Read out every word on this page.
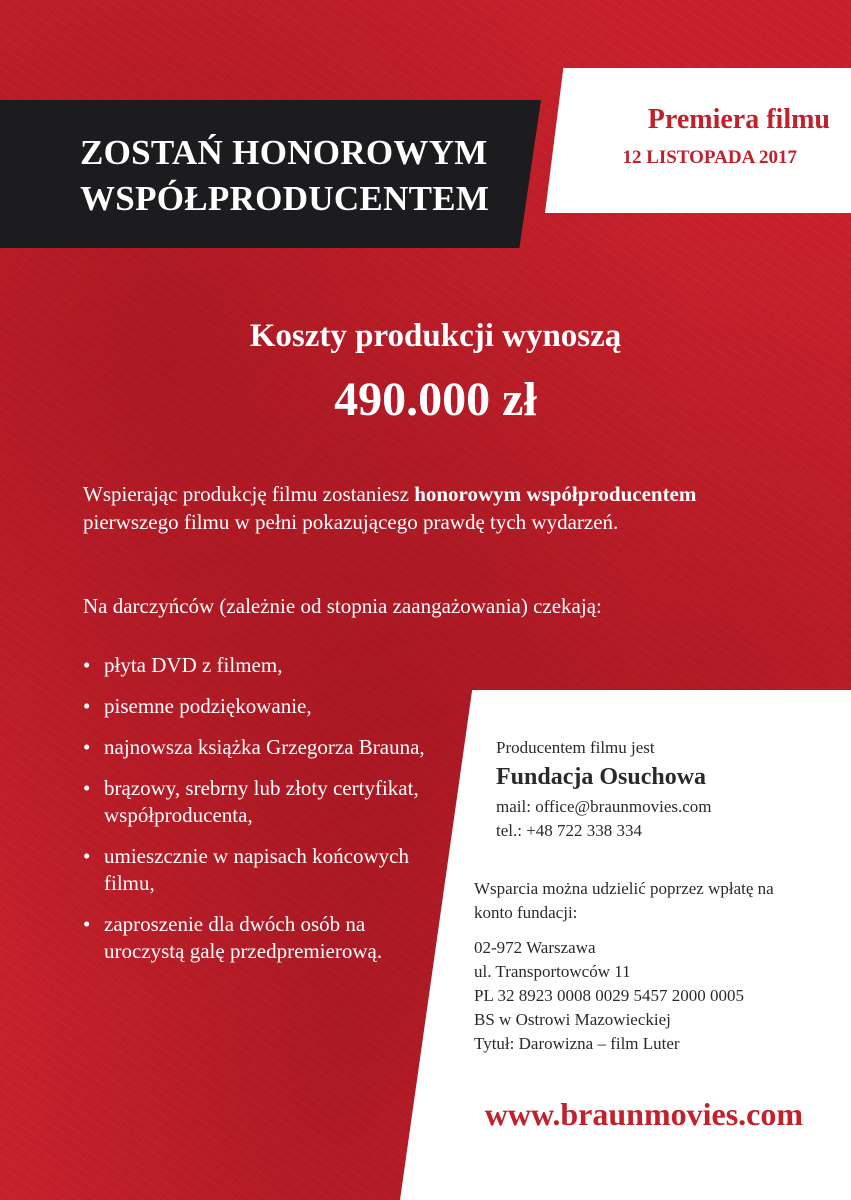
ZOSTAŃ HONOROWYM
WSPÓŁPRODUCENTEM
Premiera filmu
12 LISTOPADA 2017
Koszty produkcji wynoszą
490.000 zł
Wspierając produkcję filmu zostaniesz honorowym współproducentem pierwszego filmu w pełni pokazującego prawdę tych wydarzeń.
Na darczyńców (zależnie od stopnia zaangażowania) czekają:
• płyta DVD z filmem,
• pisemne podziękowanie,
• najnowsza książka Grzegorza Brauna,
• brązowy, srebrny lub złoty certyfikat, współproducenta,
• umieszcznie w napisach końcowych filmu,
• zaproszenie dla dwóch osób na uroczystą galę przedpremierową.
Producentem filmu jest
Fundacja Osuchowa
mail: office@braunmovies.com
tel.: +48 722 338 334
Wsparcia można udzielić poprzez wpłatę na konto fundacji:
02-972 Warszawa
ul. Transportowców 11
PL 32 8923 0008 0029 5457 2000 0005
BS w Ostrowi Mazowieckiej
Tytuł: Darowizna – film Luter
www.braunmovies.com
